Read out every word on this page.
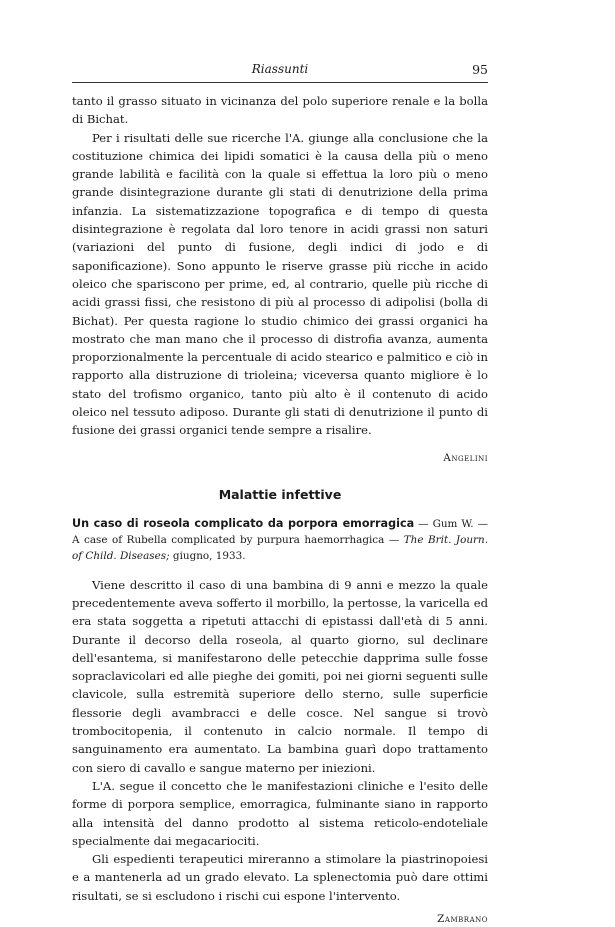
Riassunti	95

tanto il grasso situato in vicinanza del polo superiore renale e la bolla di Bichat.

Per i risultati delle sue ricerche l'A. giunge alla conclusione che la costituzione chimica dei lipidi somatici è la causa della più o meno grande labilità e facilità con la quale si effettua la loro più o meno grande disintegrazione durante gli stati di denutrizione della prima infanzia. La sistematizzazione topografica e di tempo di questa disintegrazione è regolata dal loro tenore in acidi grassi non saturi (variazioni del punto di fusione, degli indici di jodo e di saponificazione). Sono appunto le riserve grasse più ricche in acido oleico che spariscono per prime, ed, al contrario, quelle più ricche di acidi grassi fissi, che resistono di più al processo di adipolisi (bolla di Bichat). Per questa ragione lo studio chimico dei grassi organici ha mostrato che man mano che il processo di distrofia avanza, aumenta proporzionalmente la percentuale di acido stearico e palmitico e ciò in rapporto alla distruzione di trioleina; viceversa quanto migliore è lo stato del trofismo organico, tanto più alto è il contenuto di acido oleico nel tessuto adiposo. Durante gli stati di denutrizione il punto di fusione dei grassi organici tende sempre a risalire.

Angelini
Malattie infettive
Un caso di roseola complicato da porpora emorragica — Gum W. — A case of Rubella complicated by purpura haemorrhagica — The Brit. Journ. of Child. Diseases; giugno, 1933.

Viene descritto il caso di una bambina di 9 anni e mezzo la quale precedentemente aveva sofferto il morbillo, la pertosse, la varicella ed era stata soggetta a ripetuti attacchi di epistassi dall'età di 5 anni. Durante il decorso della roseola, al quarto giorno, sul declinare dell'esantema, si manifestarono delle petecchie dapprima sulle fosse sopraclavicolari ed alle pieghe dei gomiti, poi nei giorni seguenti sulle clavicole, sulla estremità superiore dello sterno, sulle superficie flessorie degli avambracci e delle cosce. Nel sangue si trovò trombocitopenia, il contenuto in calcio normale. Il tempo di sanguinamento era aumentato. La bambina guarì dopo trattamento con siero di cavallo e sangue materno per iniezioni.

L'A. segue il concetto che le manifestazioni cliniche e l'esito delle forme di porpora semplice, emorragica, fulminante siano in rapporto alla intensità del danno prodotto al sistema reticolo-endoteliale specialmente dai megacariociti.

Gli espedienti terapeutici mireranno a stimolare la piastrinopoiesi e a mantenerla ad un grado elevato. La splenectomia può dare ottimi risultati, se si escludono i rischi cui espone l'intervento.

Zambrano
